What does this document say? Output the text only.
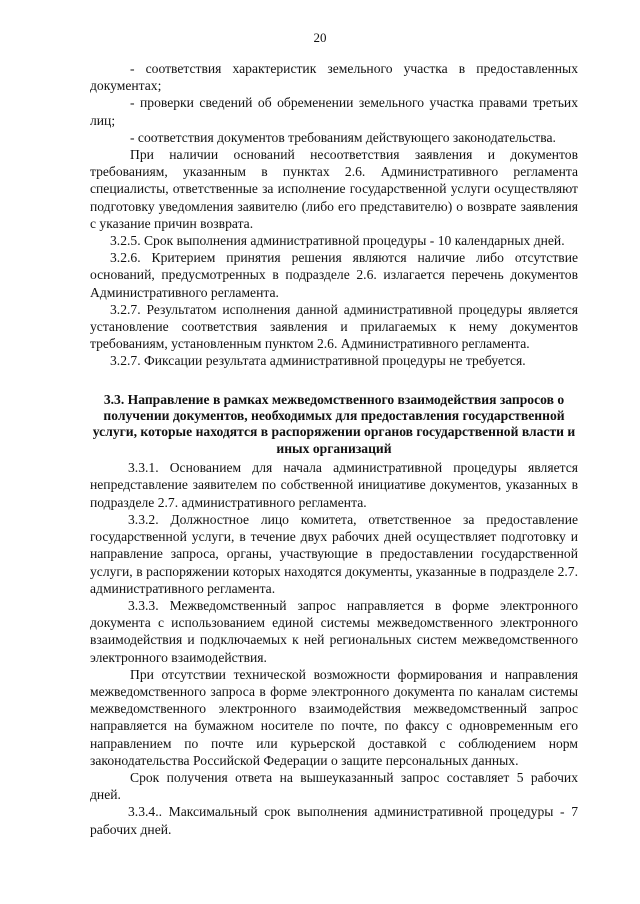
20

- соответствия характеристик земельного участка в предоставленных документах;

- проверки сведений об обременении земельного участка правами третьих лиц;

- соответствия документов требованиям действующего законодательства.

При наличии оснований несоответствия заявления и документов требованиям, указанным в пунктах 2.6. Административного регламента специалисты, ответственные за исполнение государственной услуги осуществляют подготовку уведомления заявителю (либо его представителю) о возврате заявления с указание причин возврата.

3.2.5. Срок выполнения административной процедуры - 10 календарных дней.

3.2.6. Критерием принятия решения являются наличие либо отсутствие оснований, предусмотренных в подразделе 2.6. излагается перечень документов Административного регламента.

3.2.7. Результатом исполнения данной административной процедуры является установление соответствия заявления и прилагаемых к нему документов требованиям, установленным пунктом 2.6. Административного регламента.

3.2.7. Фиксации результата административной процедуры не требуется.

3.3. Направление в рамках межведомственного взаимодействия запросов о получении документов, необходимых для предоставления государственной услуги, которые находятся в распоряжении органов государственной власти и иных организаций

3.3.1. Основанием для начала административной процедуры является непредставление заявителем по собственной инициативе документов, указанных в подразделе 2.7. административного регламента.

3.3.2. Должностное лицо комитета, ответственное за предоставление государственной услуги, в течение двух рабочих дней осуществляет подготовку и направление запроса, органы, участвующие в предоставлении государственной услуги, в распоряжении которых находятся документы, указанные в подразделе 2.7. административного регламента.

3.3.3. Межведомственный запрос направляется в форме электронного документа с использованием единой системы межведомственного электронного взаимодействия и подключаемых к ней региональных систем межведомственного электронного взаимодействия.

При отсутствии технической возможности формирования и направления межведомственного запроса в форме электронного документа по каналам системы межведомственного электронного взаимодействия межведомственный запрос направляется на бумажном носителе по почте, по факсу с одновременным его направлением по почте или курьерской доставкой с соблюдением норм законодательства Российской Федерации о защите персональных данных.

Срок получения ответа на вышеуказанный запрос составляет 5 рабочих дней.

3.3.4.. Максимальный срок выполнения административной процедуры - 7 рабочих дней.
